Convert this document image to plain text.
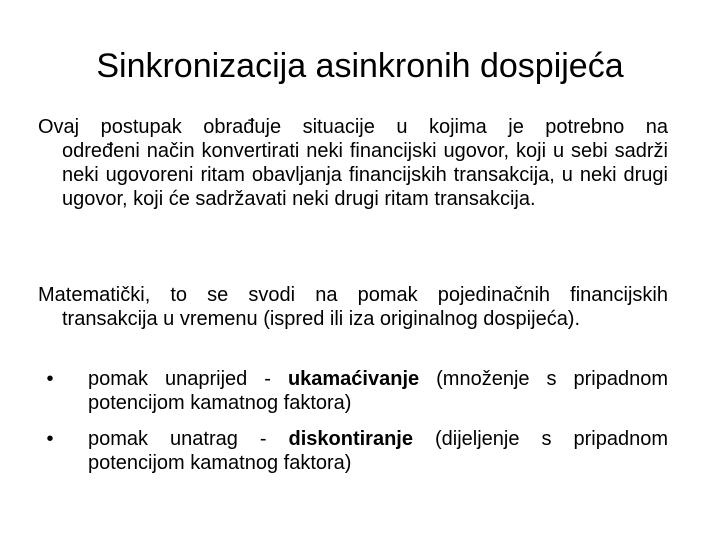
Sinkronizacija asinkronih dospijeća
Ovaj postupak obrađuje situacije u kojima je potrebno na
određeni način konvertirati neki financijski ugovor, koji u sebi sadrži neki ugovoreni ritam obavljanja financijskih transakcija, u neki drugi ugovor, koji će sadržavati neki drugi ritam transakcija.
Matematički, to se svodi na pomak pojedinačnih financijskih
transakcija u vremenu (ispred ili iza originalnog dospijeća).
•	pomak unaprijed - ukamaćivanje (množenje s pripadnom potencijom kamatnog faktora)
•	pomak unatrag - diskontiranje (dijeljenje s pripadnom potencijom kamatnog faktora)
